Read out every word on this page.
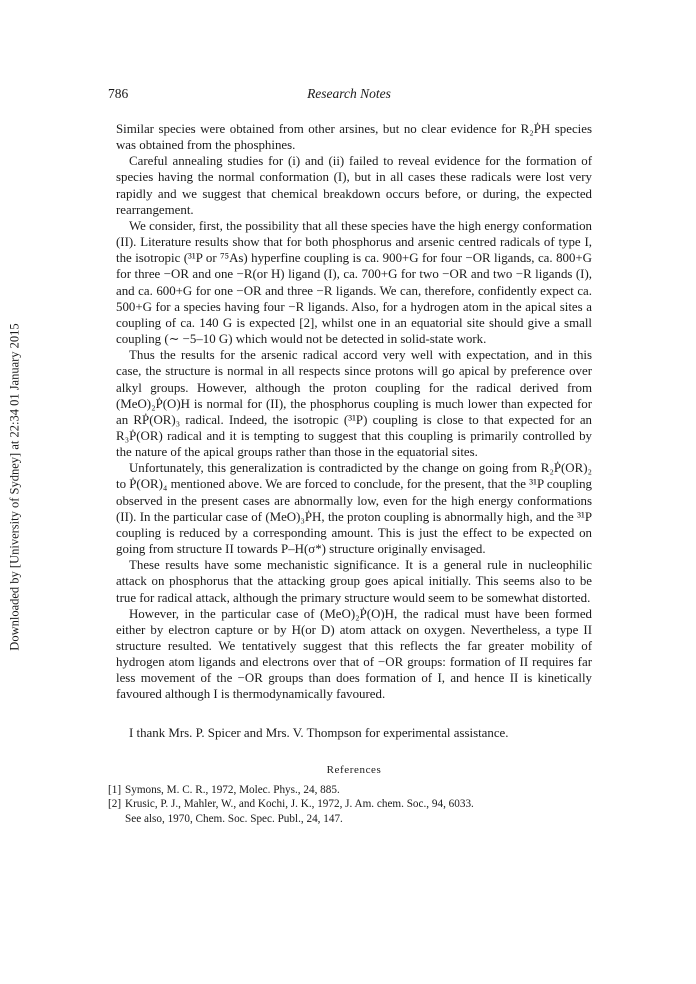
786	Research Notes
Downloaded by [University of Sydney] at 22:34 01 January 2015

Similar species were obtained from other arsines, but no clear evidence for R₂ṖH species was obtained from the phosphines.

Careful annealing studies for (i) and (ii) failed to reveal evidence for the formation of species having the normal conformation (I), but in all cases these radicals were lost very rapidly and we suggest that chemical breakdown occurs before, or during, the expected rearrangement.

We consider, first, the possibility that all these species have the high energy conformation (II). Literature results show that for both phosphorus and arsenic centred radicals of type I, the isotropic (³¹P or ⁷⁵As) hyperfine coupling is ca. 900+G for four −OR ligands, ca. 800+G for three −OR and one −R(or H) ligand (I), ca. 700+G for two −OR and two −R ligands (I), and ca. 600+G for one −OR and three −R ligands. We can, therefore, confidently expect ca. 500+G for a species having four −R ligands. Also, for a hydrogen atom in the apical sites a coupling of ca. 140 G is expected [2], whilst one in an equatorial site should give a small coupling (∼ −5–10 G) which would not be detected in solid-state work.

Thus the results for the arsenic radical accord very well with expectation, and in this case, the structure is normal in all respects since protons will go apical by preference over alkyl groups. However, although the proton coupling for the radical derived from (MeO)₂Ṗ(O)H is normal for (II), the phosphorus coupling is much lower than expected for an RṖ(OR)₃ radical. Indeed, the isotropic (³¹P) coupling is close to that expected for an R₃Ṗ(OR) radical and it is tempting to suggest that this coupling is primarily controlled by the nature of the apical groups rather than those in the equatorial sites.

Unfortunately, this generalization is contradicted by the change on going from R₂Ṗ(OR)₂ to Ṗ(OR)₄ mentioned above. We are forced to conclude, for the present, that the ³¹P coupling observed in the present cases are abnormally low, even for the high energy conformations (II). In the particular case of (MeO)₃ṖH, the proton coupling is abnormally high, and the ³¹P coupling is reduced by a corresponding amount. This is just the effect to be expected on going from structure II towards P–H(σ*) structure originally envisaged.

These results have some mechanistic significance. It is a general rule in nucleophilic attack on phosphorus that the attacking group goes apical initially. This seems also to be true for radical attack, although the primary structure would seem to be somewhat distorted.

However, in the particular case of (MeO)₂Ṗ(O)H, the radical must have been formed either by electron capture or by H(or D) atom attack on oxygen. Nevertheless, a type II structure resulted. We tentatively suggest that this reflects the far greater mobility of hydrogen atom ligands and electrons over that of −OR groups: formation of II requires far less movement of the −OR groups than does formation of I, and hence II is kinetically favoured although I is thermodynamically favoured.

I thank Mrs. P. Spicer and Mrs. V. Thompson for experimental assistance.

References

[1] Symons, M. C. R., 1972, Molec. Phys., 24, 885.

[2] Krusic, P. J., Mahler, W., and Kochi, J. K., 1972, J. Am. chem. Soc., 94, 6033.

See also, 1970, Chem. Soc. Spec. Publ., 24, 147.
